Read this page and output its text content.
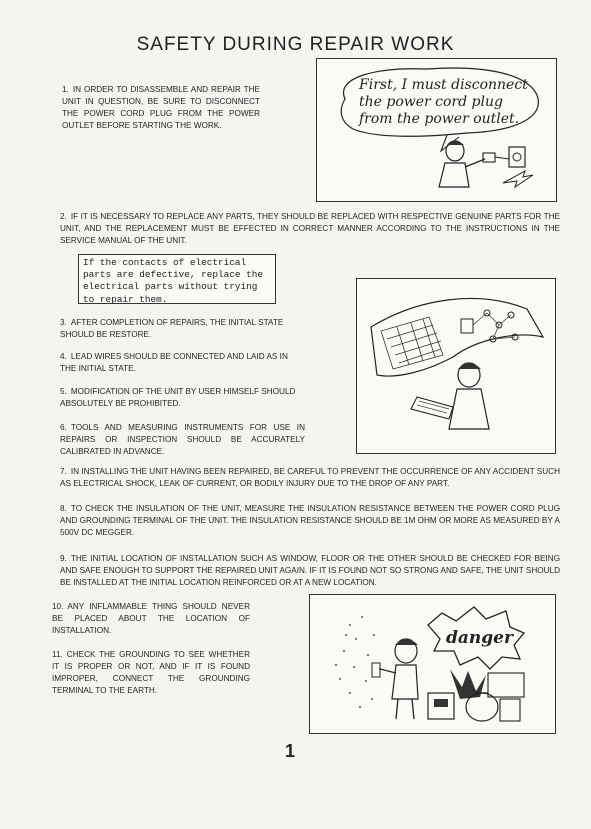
SAFETY DURING REPAIR WORK
1. IN ORDER TO DISASSEMBLE AND REPAIR THE UNIT IN QUESTION, BE SURE TO DISCONNECT THE POWER CORD PLUG FROM THE POWER OUTLET BEFORE STARTING THE WORK.
First, I must disconnect
the power cord plug
from the power outlet.
2. IF IT IS NECESSARY TO REPLACE ANY PARTS, THEY SHOULD BE REPLACED WITH RESPECTIVE GENUINE PARTS FOR THE UNIT, AND THE REPLACEMENT MUST BE EFFECTED IN CORRECT MANNER ACCORDING TO THE INSTRUCTIONS IN THE SERVICE MANUAL OF THE UNIT.
If the contacts of electrical parts are defective, replace the electrical parts without trying to repair them.
3. AFTER COMPLETION OF REPAIRS, THE INITIAL STATE SHOULD BE RESTORE.
4. LEAD WIRES SHOULD BE CONNECTED AND LAID AS IN THE INITIAL STATE.
5. MODIFICATION OF THE UNIT BY USER HIMSELF SHOULD ABSOLUTELY BE PROHIBITED.
6. TOOLS AND MEASURING INSTRUMENTS FOR USE IN REPAIRS OR INSPECTION SHOULD BE ACCURATELY CALIBRATED IN ADVANCE.
7. IN INSTALLING THE UNIT HAVING BEEN REPAIRED, BE CAREFUL TO PREVENT THE OCCURRENCE OF ANY ACCIDENT SUCH AS ELECTRICAL SHOCK, LEAK OF CURRENT, OR BODILY INJURY DUE TO THE DROP OF ANY PART.
8. TO CHECK THE INSULATION OF THE UNIT, MEASURE THE INSULATION RESISTANCE BETWEEN THE POWER CORD PLUG AND GROUNDING TERMINAL OF THE UNIT. THE INSULATION RESISTANCE SHOULD BE 1M OHM OR MORE AS MEASURED BY A 500V DC MEGGER.
9. THE INITIAL LOCATION OF INSTALLATION SUCH AS WINDOW, FLOOR OR THE OTHER SHOULD BE CHECKED FOR BEING AND SAFE ENOUGH TO SUPPORT THE REPAIRED UNIT AGAIN. IF IT IS FOUND NOT SO STRONG AND SAFE, THE UNIT SHOULD BE INSTALLED AT THE INITIAL LOCATION REINFORCED OR AT A NEW LOCATION.
10. ANY INFLAMMABLE THING SHOULD NEVER BE PLACED ABOUT THE LOCATION OF INSTALLATION.
11. CHECK THE GROUNDING TO SEE WHETHER IT IS PROPER OR NOT, AND IF IT IS FOUND IMPROPER, CONNECT THE GROUNDING TERMINAL TO THE EARTH.
danger
1
